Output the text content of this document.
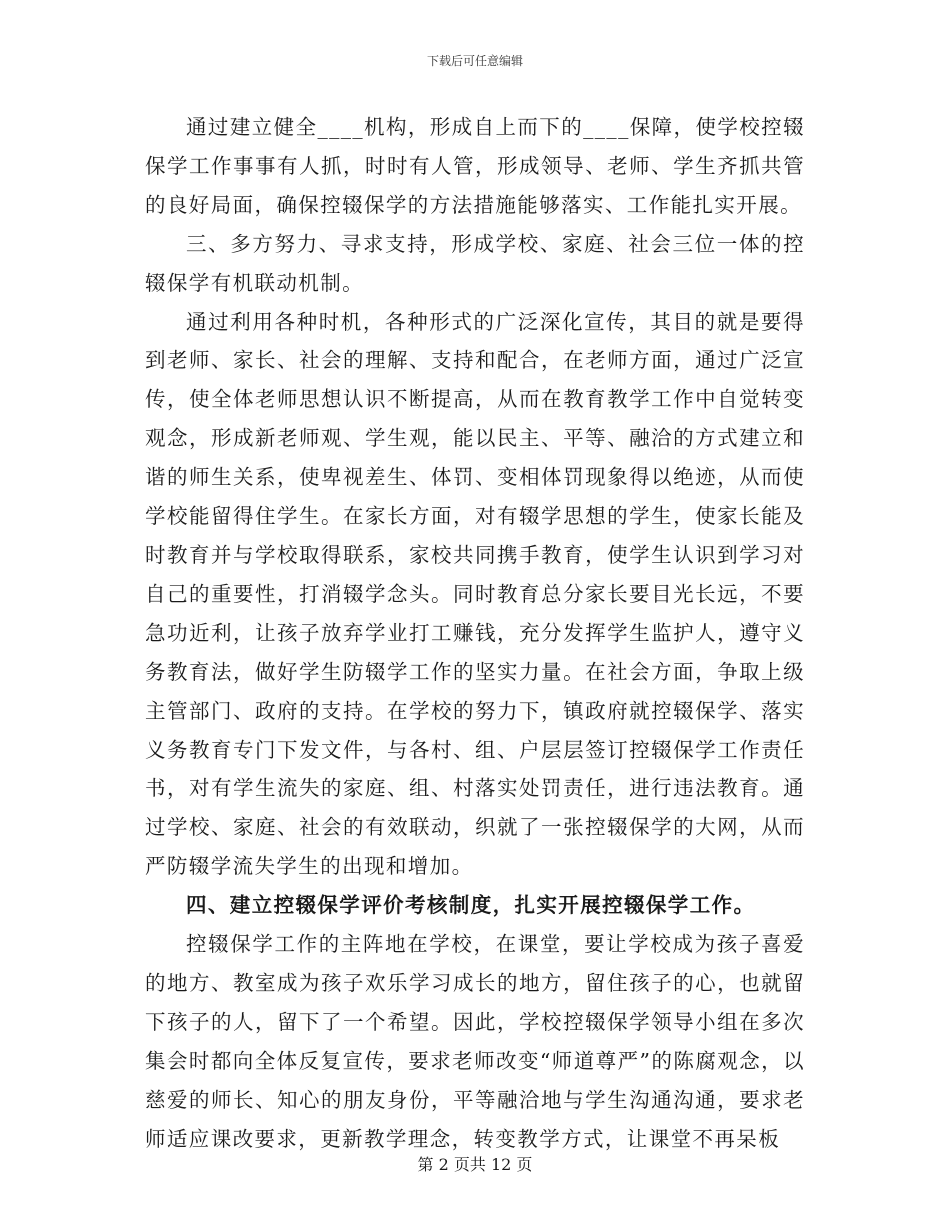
下载后可任意编辑

通过建立健全____机构，形成自上而下的____保障，使学校控辍保学工作事事有人抓，时时有人管，形成领导、老师、学生齐抓共管的良好局面，确保控辍保学的方法措施能够落实、工作能扎实开展。

三、多方努力、寻求支持，形成学校、家庭、社会三位一体的控辍保学有机联动机制。

通过利用各种时机，各种形式的广泛深化宣传，其目的就是要得到老师、家长、社会的理解、支持和配合，在老师方面，通过广泛宣传，使全体老师思想认识不断提高，从而在教育教学工作中自觉转变观念，形成新老师观、学生观，能以民主、平等、融洽的方式建立和谐的师生关系，使卑视差生、体罚、变相体罚现象得以绝迹，从而使学校能留得住学生。在家长方面，对有辍学思想的学生，使家长能及时教育并与学校取得联系，家校共同携手教育，使学生认识到学习对自己的重要性，打消辍学念头。同时教育总分家长要目光长远，不要急功近利，让孩子放弃学业打工赚钱，充分发挥学生监护人，遵守义务教育法，做好学生防辍学工作的坚实力量。在社会方面，争取上级主管部门、政府的支持。在学校的努力下，镇政府就控辍保学、落实义务教育专门下发文件，与各村、组、户层层签订控辍保学工作责任书，对有学生流失的家庭、组、村落实处罚责任，进行违法教育。通过学校、家庭、社会的有效联动，织就了一张控辍保学的大网，从而严防辍学流失学生的出现和增加。

四、建立控辍保学评价考核制度，扎实开展控辍保学工作。

控辍保学工作的主阵地在学校，在课堂，要让学校成为孩子喜爱的地方、教室成为孩子欢乐学习成长的地方，留住孩子的心，也就留下孩子的人，留下了一个希望。因此，学校控辍保学领导小组在多次集会时都向全体反复宣传，要求老师改变“师道尊严”的陈腐观念，以慈爱的师长、知心的朋友身份，平等融洽地与学生沟通沟通，要求老师适应课改要求，更新教学理念，转变教学方式，让课堂不再呆板

第 2 页共 12 页
